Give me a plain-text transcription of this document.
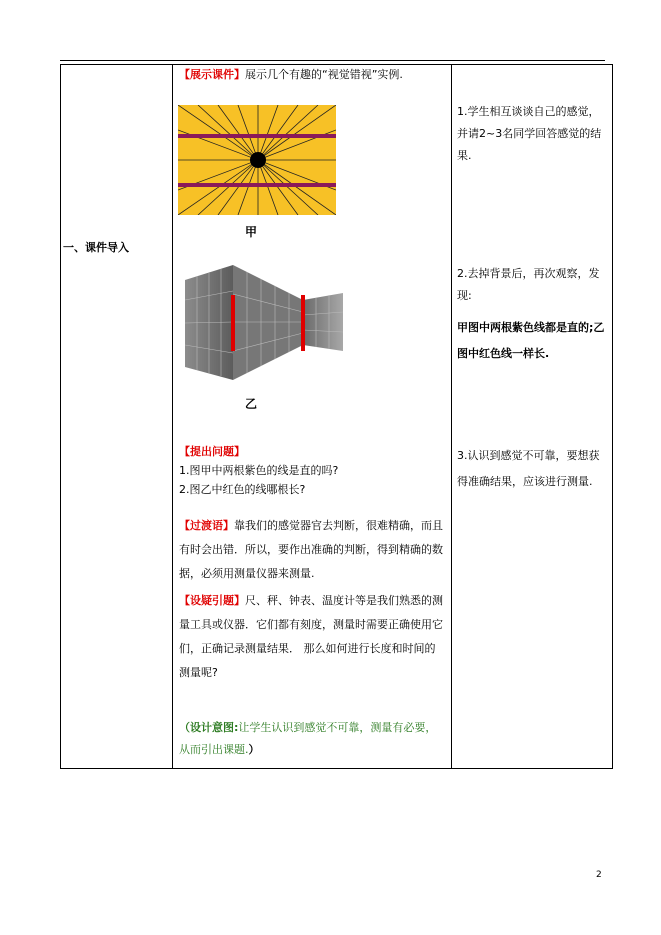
一、课件导入

【展示课件】展示几个有趣的“视觉错视”实例.
甲
乙

【提出问题】

1.图甲中两根紫色的线是直的吗?

2.图乙中红色的线哪根长?

【过渡语】靠我们的感觉器官去判断，很难精确，而且有时会出错．所以，要作出准确的判断，得到精确的数据，必须用测量仪器来测量.
【设疑引题】尺、秤、钟表、温度计等是我们熟悉的测量工具或仪器．它们都有刻度，测量时需要正确使用它们，正确记录测量结果． 那么如何进行长度和时间的测量呢?
（设计意图:让学生认识到感觉不可靠，测量有必要，从而引出课题.）

1.学生相互谈谈自己的感觉，并请2~3名同学回答感觉的结果.
2.去掉背景后，再次观察，发现:
甲图中两根紫色线都是直的;乙图中红色线一样长.
3.认识到感觉不可靠，要想获得准确结果，应该进行测量.
2
